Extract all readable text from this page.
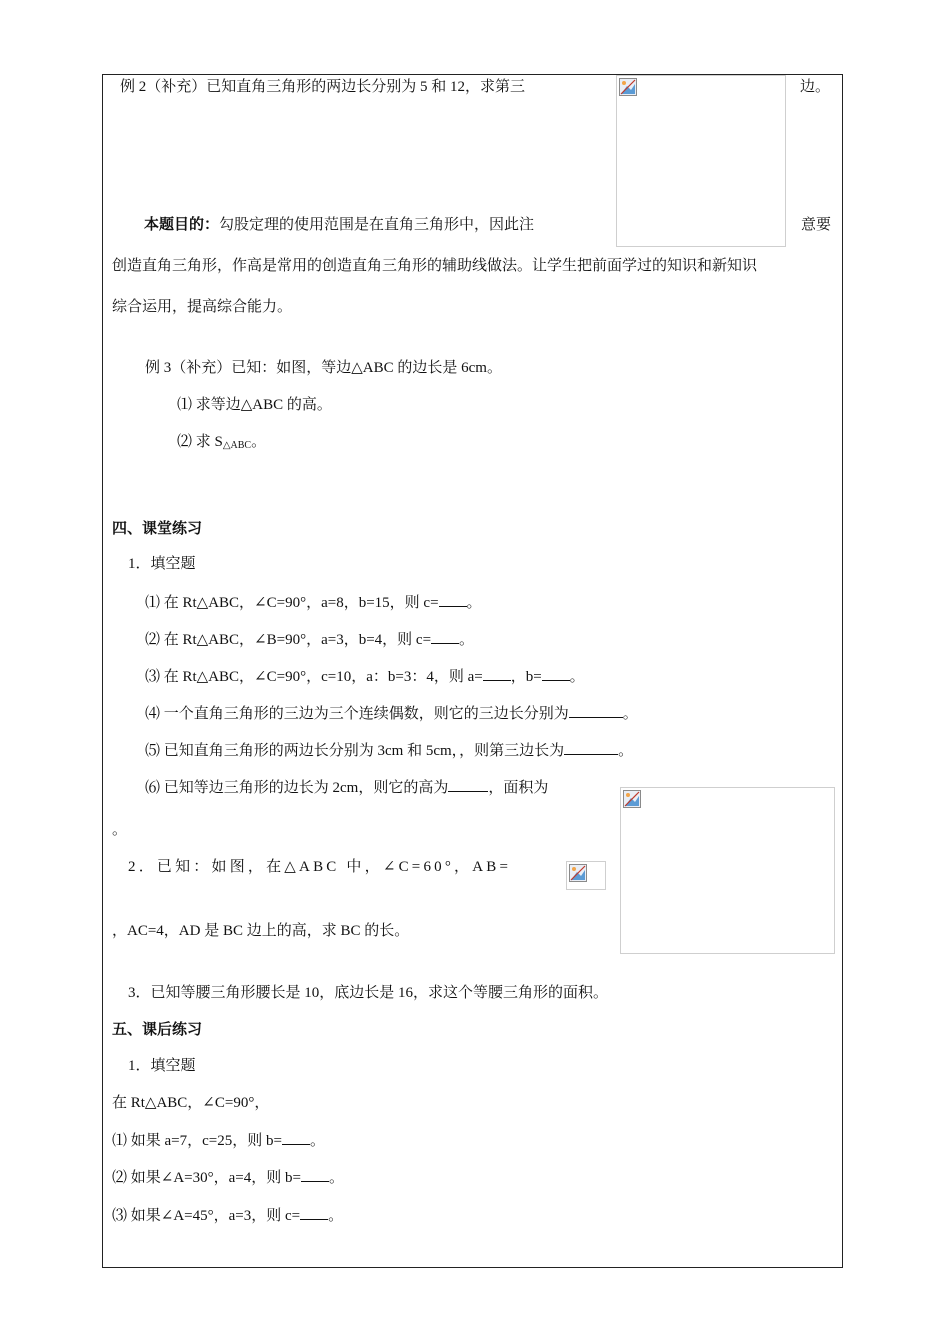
例 2（补充）已知直角三角形的两边长分别为 5 和 12，求第三	边。
本题目的：勾股定理的使用范围是在直角三角形中，因此注	意要
创造直角三角形，作高是常用的创造直角三角形的辅助线做法。让学生把前面学过的知识和新知识
综合运用，提高综合能力。
例 3（补充）已知：如图，等边△ABC 的边长是 6cm。
⑴ 求等边△ABC 的高。
⑵ 求 $S_{\triangle ABC}$。
四、课堂练习
1．填空题
⑴ 在 Rt△ABC，∠C=90°，a=8，b=15，则 c= 。
⑵ 在 Rt△ABC，∠B=90°，a=3，b=4，则 c= 。
⑶ 在 Rt△ABC，∠C=90°，c=10，a：b=3：4，则 a= ，b= 。
⑷ 一个直角三角形的三边为三个连续偶数，则它的三边长分别为	。
⑸ 已知直角三角形的两边长分别为 3cm 和 5cm，，则第三边长为	。
⑹ 已知等边三角形的边长为 2cm，则它的高为	，面积为
。
2．已知：如图，在△ABC 中，∠C=60°，AB=
，AC=4，AD 是 BC 边上的高，求 BC 的长。
3．已知等腰三角形腰长是 10，底边长是 16，求这个等腰三角形的面积。
五、课后练习
1．填空题
在 Rt△ABC，∠C=90°，
⑴ 如果 a=7，c=25，则 b= 。
⑵ 如果∠A=30°，a=4，则 b= 。
⑶ 如果∠A=45°，a=3，则 c= 。
